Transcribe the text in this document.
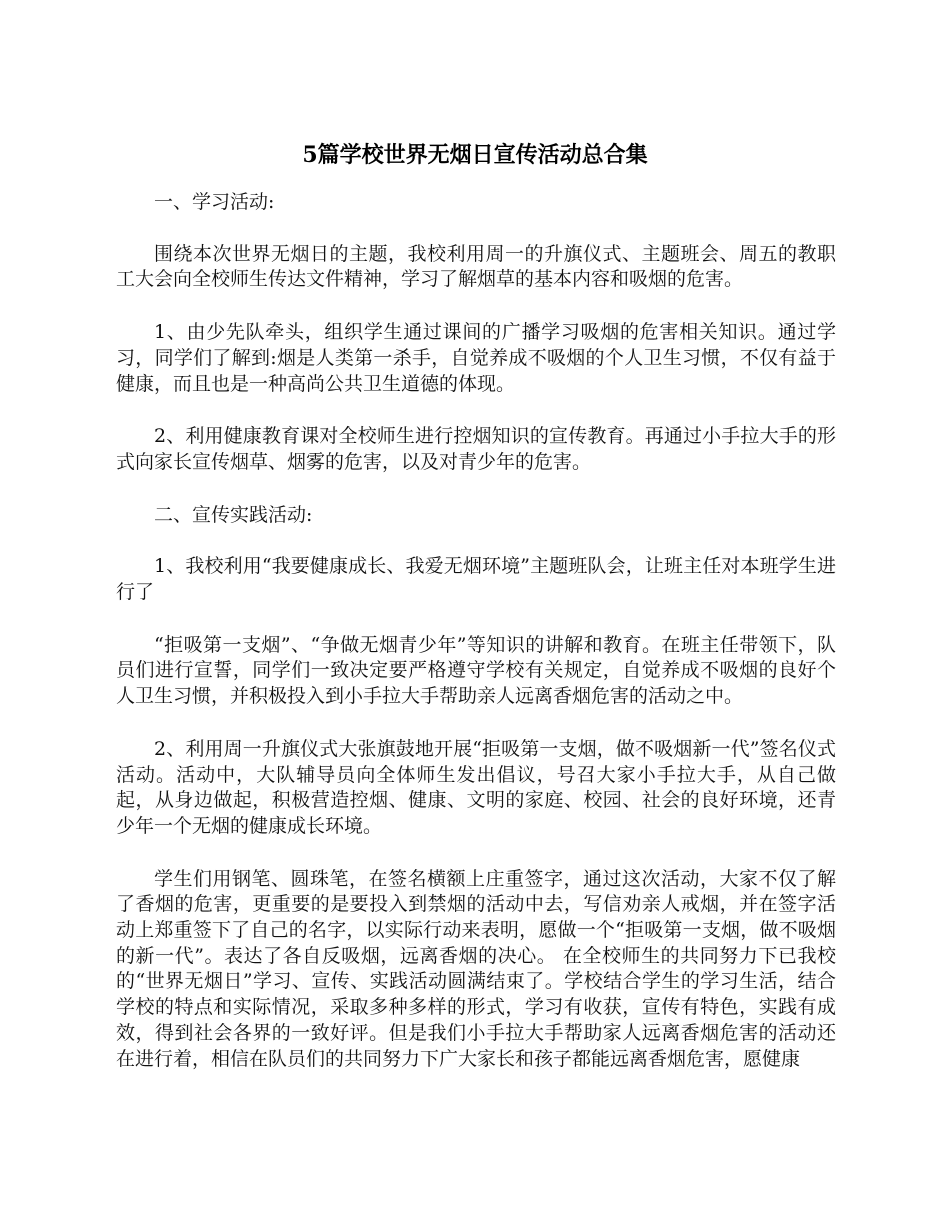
5篇学校世界无烟日宣传活动总合集

一、学习活动:

围绕本次世界无烟日的主题，我校利用周一的升旗仪式、主题班会、周五的教职工大会向全校师生传达文件精神，学习了解烟草的基本内容和吸烟的危害。

1、由少先队牵头，组织学生通过课间的广播学习吸烟的危害相关知识。通过学习，同学们了解到:烟是人类第一杀手，自觉养成不吸烟的个人卫生习惯，不仅有益于健康，而且也是一种高尚公共卫生道德的体现。

2、利用健康教育课对全校师生进行控烟知识的宣传教育。再通过小手拉大手的形式向家长宣传烟草、烟雾的危害，以及对青少年的危害。

二、宣传实践活动:

1、我校利用“我要健康成长、我爱无烟环境”主题班队会，让班主任对本班学生进行了

“拒吸第一支烟”、“争做无烟青少年”等知识的讲解和教育。在班主任带领下，队员们进行宣誓，同学们一致决定要严格遵守学校有关规定，自觉养成不吸烟的良好个人卫生习惯，并积极投入到小手拉大手帮助亲人远离香烟危害的活动之中。

2、利用周一升旗仪式大张旗鼓地开展“拒吸第一支烟，做不吸烟新一代”签名仪式活动。活动中，大队辅导员向全体师生发出倡议，号召大家小手拉大手，从自己做起，从身边做起，积极营造控烟、健康、文明的家庭、校园、社会的良好环境，还青少年一个无烟的健康成长环境。

学生们用钢笔、圆珠笔，在签名横额上庄重签字，通过这次活动，大家不仅了解了香烟的危害，更重要的是要投入到禁烟的活动中去，写信劝亲人戒烟，并在签字活动上郑重签下了自己的名字，以实际行动来表明，愿做一个“拒吸第一支烟，做不吸烟的新一代”。表达了各自反吸烟，远离香烟的决心。 在全校师生的共同努力下已我校的“世界无烟日”学习、宣传、实践活动圆满结束了。学校结合学生的学习生活，结合学校的特点和实际情况，采取多种多样的形式，学习有收获，宣传有特色，实践有成效，得到社会各界的一致好评。但是我们小手拉大手帮助家人远离香烟危害的活动还在进行着，相信在队员们的共同努力下广大家长和孩子都能远离香烟危害，愿健康
